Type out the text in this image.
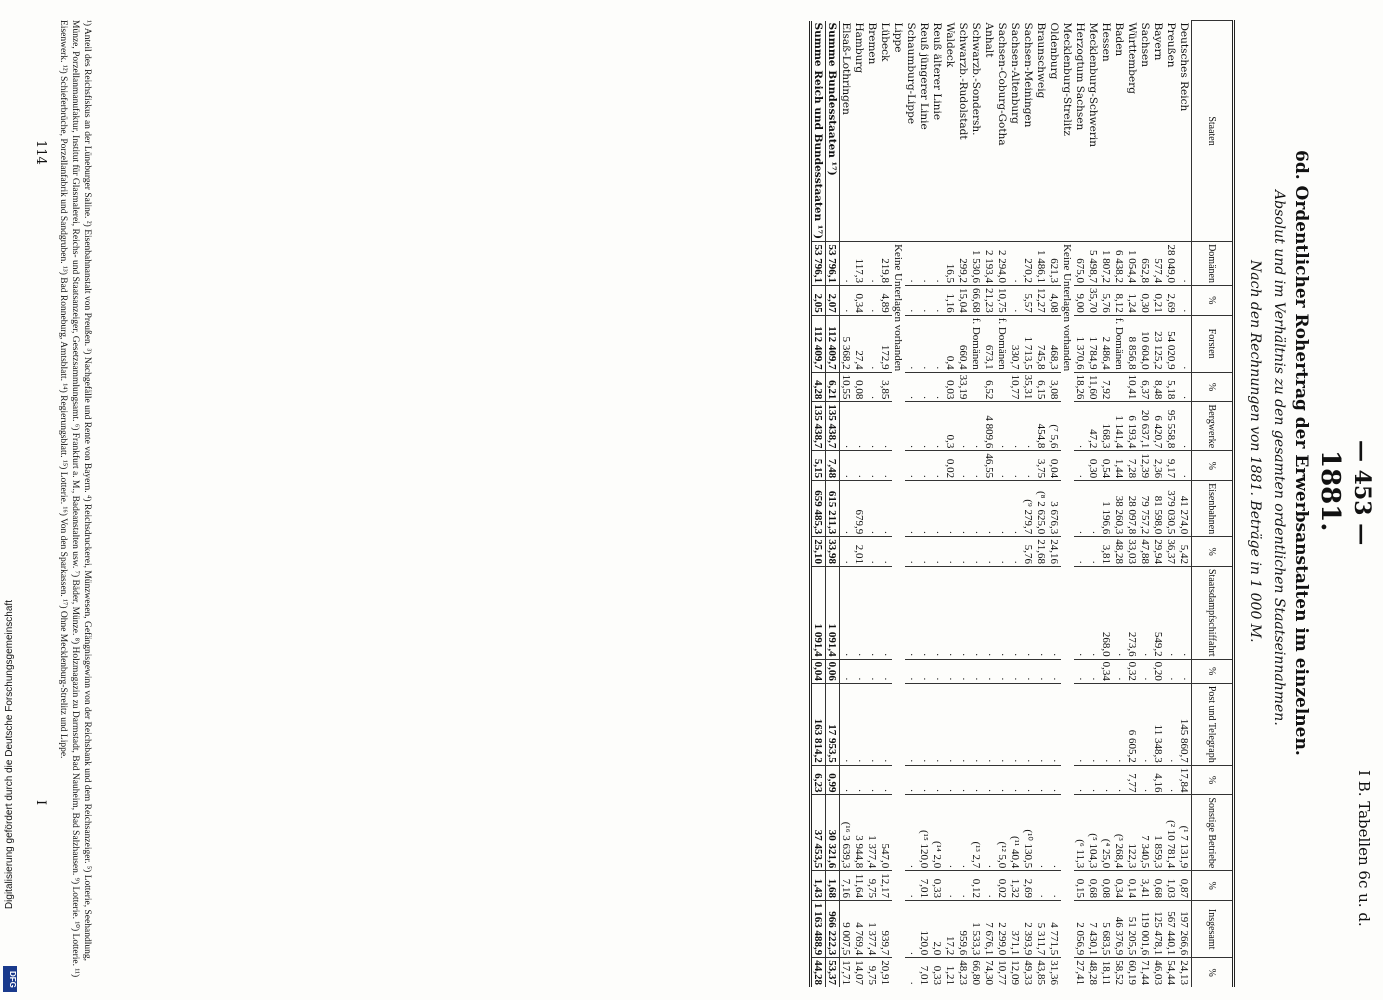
— 453 —
I B. Tabellen 6c u. d.
1881.
6d. Ordentlicher Rohertrag der Erwerbsanstalten im einzelnen.
Absolut und im Verhältnis zu den gesamten ordentlichen Staatseinnahmen.
Nach den Rechnungen von 1881. Beträge in 1 000 M.
Staaten	Domänen	%	Forsten	%	Bergwerke	%	Eisenbahnen	%	Staatsdampfschiffahrt	%	Post und Telegraph	%	Sonstige Betriebe	%	Insgesamt	%
Deutsches Reich	·	·	·	·	·	·	41 274,0	5,42	·	·	145 860,7	17,84	(¹ 7 131,9	0,87	197 266,6	24,13
Preußen	28 049,0	2,69	54 020,9	5,18	95 558,8	9,17	379 030,5	36,37	·	·	·	·	(² 10 781,4	1,03	567 440,1	54,44
Bayern	577,4	0,21	23 125,2	8,48	6 420,7	2,36	81 598,0	29,94	549,2	0,20	11 348,3	4,16	1 859,3	0,68	125 478,1	46,03
Sachsen	652,8	0,30	10 604,0	6,37	20 637,1	12,39	79 757,2	47,88	·	·	·	·	7 340,5	3,41	119 001,6	71,44
Württemberg	1 054,4	1,24	8 856,8	10,41	6 193,4	7,28	28 097,8	33,03	273,6	0,32	6 605,2	7,77	122,3	0,14	51 205,5	60,19
Baden	6 438,2	8,12	f. Domänen		1 141,4	1,44	38 260,3	48,28	·	·	·	·	(³ 268,4	0,34	46 376,9	58,52
Hessen	1 807,2	5,76	2 486,4	7,92	168,3	0,54	1 196,6	3,81	268,0	0,34	·	·	(⁴ 25,0	0,08	5 683,5	18,11
Mecklenburg-Schwerin	5 498,7	35,70	1 784,9	11,60	47,2	0,30	·	·	·	·	·	·	(⁵ 104,3	0,68	7 430,1	48,28
Herzogtum Sachsen	675,0	9,00	1 370,6	18,26	·	·	·	·	·	·	·	·	(⁶ 11,3	0,15	2 056,9	27,41
Mecklenburg-Strelitz	Keine Unterlagen vorhanden															
Oldenburg	621,3	4,08	468,3	3,08	(⁷ 5,6	0,04	3 676,3	24,16	·	·	·	·	·	·	4 771,5	31,36
Braunschweig	1 486,1	12,27	745,8	6,15	454,8	3,75	(⁸ 2 625,0	21,68	·	·	·	·	·	·	5 311,7	43,85
Sachsen-Meiningen	270,2	5,57	1 713,5	35,31	·	·	(⁹ 279,7	5,76	·	·	·	·	(¹⁰ 130,5	2,69	2 393,9	49,33
Sachsen-Altenburg	·	·	330,7	10,77	·	·	·	·	·	·	·	·	(¹¹ 40,4	1,32	371,1	12,09
Sachsen-Coburg-Gotha	2 294,0	10,75	f. Domänen		·	·	·	·	·	·	·	·	(¹² 5,0	0,02	2 299,0	10,77
Anhalt	2 193,4	21,23	673,1	6,52	4 809,6	46,55	·	·	·	·	·	·	·	·	7 676,1	74,30
Schwarzb.-Sondersh.	1 530,6	66,68	f. Domänen		·	·	·	·	·	·	·	·	(¹³ 2,7	0,12	1 533,3	66,80
Schwarzb.-Rudolstadt	299,2	15,04	660,4	33,19	·	·	·	·	·	·	·	·	·	·	959,6	48,23
Waldeck	16,5	1,16	0,4	0,03	0,3	0,02	·	·	·	·	·	·	·	·	17,2	1,21
Reuß älterer Linie	·	·	·	·	·	·	·	·	·	·	·	·	(¹⁴ 2,0	0,33	2,0	0,33
Reuß jüngerer Linie	·	·	·	·	·	·	·	·	·	·	·	·	(¹⁵ 120,0	7,01	120,0	7,01
Schaumburg-Lippe	·	·	·	·	·	·	·	·	·	·	·	·	·	·	·	·
Lippe	Keine Unterlagen vorhanden															
Lübeck	219,8	4,89	172,9	3,85	·	·	·	·	·	·	·	·	547,0	12,17	939,7	20,91
Bremen	·	·	·	·	·	·	·	·	·	·	·	·	1 377,4	9,75	1 377,4	9,75
Hamburg	117,3	0,34	27,4	0,08	·	·	679,9	2,01	·	·	·	·	3 944,8	11,64	4 769,4	14,07
Elsaß-Lothringen	·	·	5 368,2	10,55	·	·	·	·	·	·	·	·	(¹⁶ 3 639,3	7,16	9 007,5	17,71
Summe Bundesstaaten ¹⁷)	53 796,1	2,07	112 409,7	6,21	135 438,7	7,48	615 211,3	33,98	1 091,4	0,06	17 953,5	0,99	30 321,6	1,68	966 222,3	53,37
Summe Reich und Bundesstaaten ¹⁷)	53 796,1	2,05	112 409,7	4,28	135 438,7	5,15	659 485,3	25,10	1 091,4	0,04	163 814,2	6,23	37 453,5	1,43	1 163 488,9	44,28
¹) Anteil des Reichsfiskus an der Lüneburger Saline. ²) Eisenbahnanstalt von Preußen. ³) Nachgefälle und Rente von Bayern. ⁴) Reichsdruckerei, Münzwesen, Gefängnisgewinn von der Reichsbank und dem Reichsanzeiger. ⁵) Lotterie, Seehandlung, Münze, Porzellanmanufaktur, Institut für Glasmalerei, Reichs- und Staatsanzeiger, Gesetzsammlungsamt. ⁶) Frankfurt a. M., Badeanstalten usw. ⁷) Bäder, Münze. ⁸) Holzmagazin zu Darmstadt, Bad Nauheim, Bad Salzhausen. ⁹) Lotterie. ¹⁰) Lotterie. ¹¹) Eisenwerk. ¹²) Schieferbrüche, Porzellanfabrik und Sandgruben. ¹³) Bad Ronneburg, Amtsblatt. ¹⁴) Regierungsblatt. ¹⁵) Lotterie. ¹⁶) Von den Sparkassen. ¹⁷) Ohne Mecklenburg-Strelitz und Lippe.
I
114
Digitalisierung gefördert durch die Deutsche Forschungsgemeinschaft
DFG
